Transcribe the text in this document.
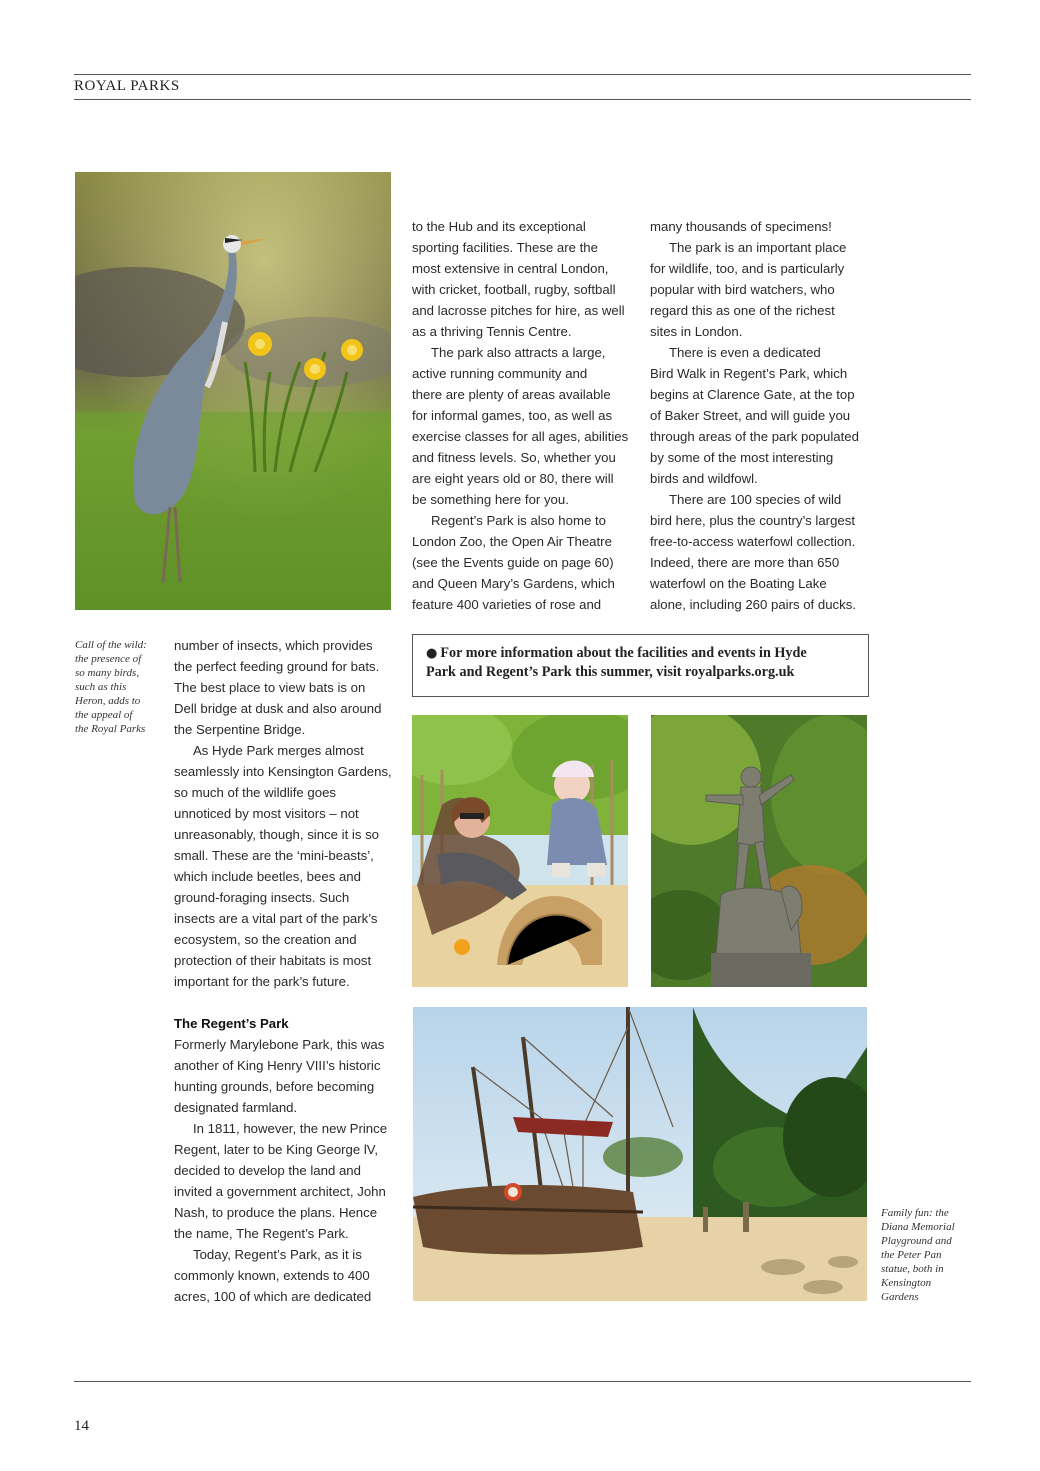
ROYAL PARKS
Call of the wild:
the presence of
so many birds,
such as this
Heron, adds to
the appeal of
the Royal Parks

to the Hub and its exceptional
sporting facilities. These are the
most extensive in central London,
with cricket, football, rugby, softball
and lacrosse pitches for hire, as well
as a thriving Tennis Centre.

The park also attracts a large,
active running community and
there are plenty of areas available
for informal games, too, as well as
exercise classes for all ages, abilities
and fitness levels. So, whether you
are eight years old or 80, there will
be something here for you.

Regent’s Park is also home to
London Zoo, the Open Air Theatre
(see the Events guide on page 60)
and Queen Mary’s Gardens, which
feature 400 varieties of rose and

many thousands of specimens!

The park is an important place
for wildlife, too, and is particularly
popular with bird watchers, who
regard this as one of the richest
sites in London.

There is even a dedicated
Bird Walk in Regent’s Park, which
begins at Clarence Gate, at the top
of Baker Street, and will guide you
through areas of the park populated
by some of the most interesting
birds and wildfowl.

There are 100 species of wild
bird here, plus the country’s largest
free-to-access waterfowl collection.
Indeed, there are more than 650
waterfowl on the Boating Lake
alone, including 260 pairs of ducks.

number of insects, which provides
the perfect feeding ground for bats.
The best place to view bats is on
Dell bridge at dusk and also around
the Serpentine Bridge.

As Hyde Park merges almost
seamlessly into Kensington Gardens,
so much of the wildlife goes
unnoticed by most visitors – not
unreasonably, though, since it is so
small. These are the ‘mini-beasts’,
which include beetles, bees and
ground-foraging insects. Such
insects are a vital part of the park’s
ecosystem, so the creation and
protection of their habitats is most
important for the park’s future.

The Regent’s Park

Formerly Marylebone Park, this was
another of King Henry VIII’s historic
hunting grounds, before becoming
designated farmland.

In 1811, however, the new Prince
Regent, later to be King George lV,
decided to develop the land and
invited a government architect, John
Nash, to produce the plans. Hence
the name, The Regent’s Park.

Today, Regent’s Park, as it is
commonly known, extends to 400
acres, 100 of which are dedicated

● For more information about the facilities and events in Hyde
Park and Regent’s Park this summer, visit royalparks.org.uk
Family fun: the
Diana Memorial
Playground and
the Peter Pan
statue, both in
Kensington
Gardens
14
